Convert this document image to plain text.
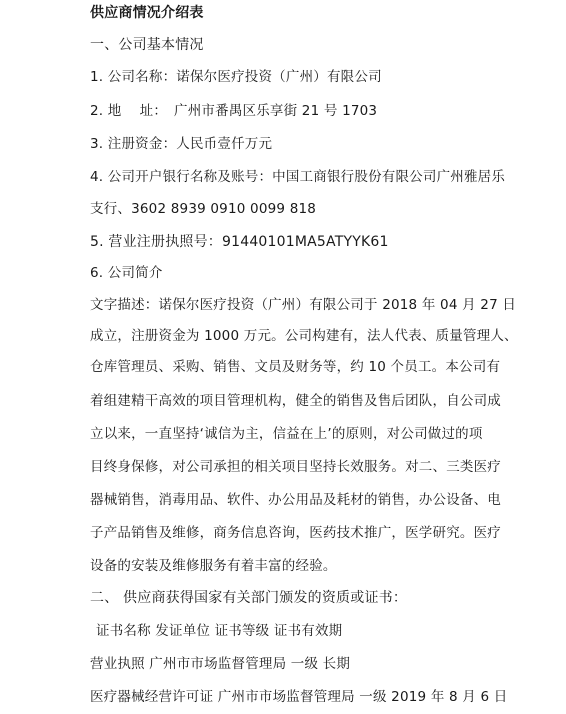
供应商情况介绍表
一、公司基本情况
1. 公司名称：诺保尔医疗投资（广州）有限公司
2. 地　 址：　广州市番禺区乐享街 21 号 1703
3. 注册资金：人民币壹仟万元
4. 公司开户银行名称及账号：中国工商银行股份有限公司广州雅居乐
支行、3602 8939 0910 0099 818
5. 营业注册执照号：91440101MA5ATYYK61
6. 公司简介
文字描述：诺保尔医疗投资（广州）有限公司于 2018 年 04 月 27 日
成立，注册资金为 1000 万元。公司构建有，法人代表、质量管理人、
仓库管理员、采购、销售、文员及财务等，约 10 个员工。本公司有
着组建精干高效的项目管理机构，健全的销售及售后团队，自公司成
立以来，一直坚持‘诚信为主，信益在上’的原则，对公司做过的项
目终身保修，对公司承担的相关项目坚持长效服务。对二、三类医疗
器械销售，消毒用品、软件、办公用品及耗材的销售，办公设备、电
子产品销售及维修，商务信息咨询，医药技术推广，医学研究。医疗
设备的安装及维修服务有着丰富的经验。
二、 供应商获得国家有关部门颁发的资质或证书：
证书名称 发证单位 证书等级 证书有效期
营业执照 广州市市场监督管理局 一级 长期
医疗器械经营许可证 广州市市场监督管理局 一级 2019 年 8 月 6 日
